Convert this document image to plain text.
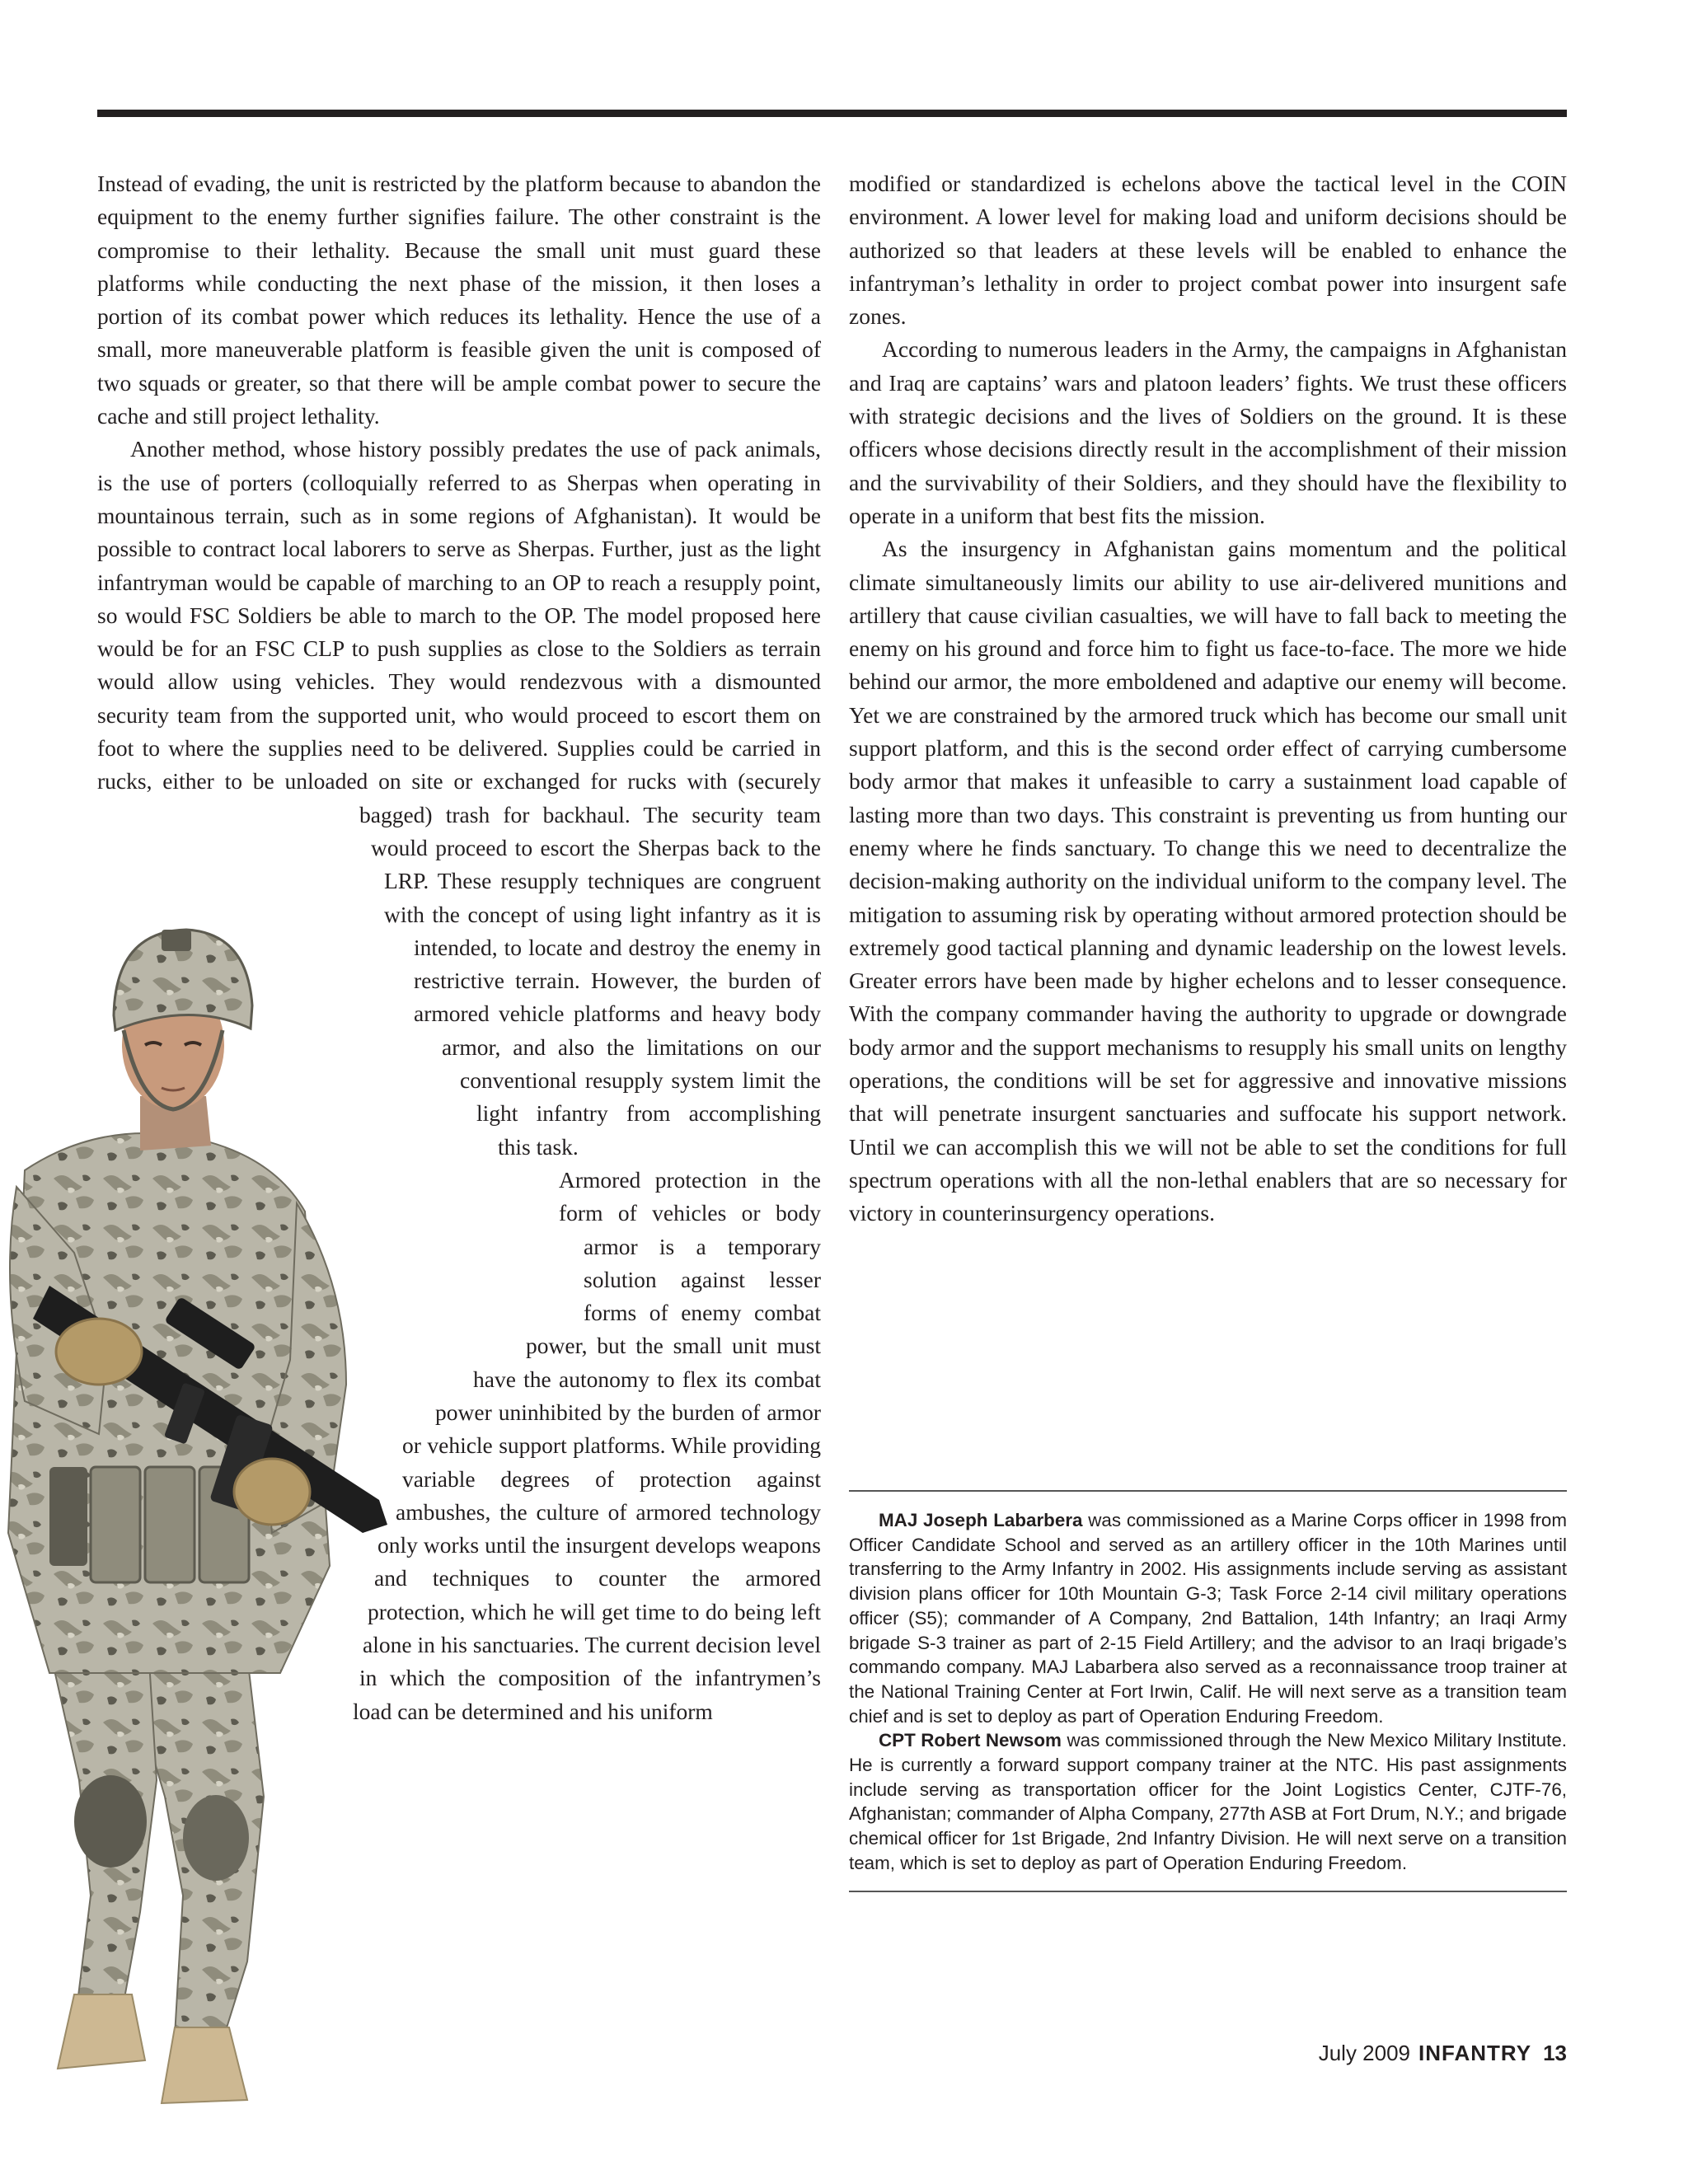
Instead of evading, the unit is restricted by the platform because to abandon the equipment to the enemy further signifies failure. The other constraint is the compromise to their lethality. Because the small unit must guard these platforms while conducting the next phase of the mission, it then loses a portion of its combat power which reduces its lethality. Hence the use of a small, more maneuverable platform is feasible given the unit is composed of two squads or greater, so that there will be ample combat power to secure the cache and still project lethality.

Another method, whose history possibly predates the use of pack animals, is the use of porters (colloquially referred to as Sherpas when operating in mountainous terrain, such as in some regions of Afghanistan). It would be possible to contract local laborers to serve as Sherpas. Further, just as the light infantryman would be capable of marching to an OP to reach a resupply point, so would FSC Soldiers be able to march to the OP. The model proposed here would be for an FSC CLP to push supplies as close to the Soldiers as terrain would allow using vehicles. They would rendezvous with a dismounted security team from the supported unit, who would proceed to escort them on foot to where the supplies need to be delivered. Supplies could be carried in rucks, either to be unloaded on site or exchanged for rucks with (securely bagged) trash for backhaul. The security team would proceed to escort the Sherpas back to the LRP. These resupply techniques are congruent with the concept of using light infantry as it is intended, to locate and destroy the enemy in restrictive terrain. However, the burden of armored vehicle platforms and heavy body armor, and also the limitations on our conventional resupply system limit the light infantry from accomplishing this task.

Armored protection in the form of vehicles or body armor is a temporary solution against lesser forms of enemy combat power, but the small unit must have the autonomy to flex its combat power uninhibited by the burden of armor or vehicle support platforms. While providing variable degrees of protection against ambushes, the culture of armored technology only works until the insurgent develops weapons and techniques to counter the armored protection, which he will get time to do being left alone in his sanctuaries. The current decision level in which the composition of the infantrymen’s load can be determined and his uniform

modified or standardized is echelons above the tactical level in the COIN environment. A lower level for making load and uniform decisions should be authorized so that leaders at these levels will be enabled to enhance the infantryman’s lethality in order to project combat power into insurgent safe zones.

According to numerous leaders in the Army, the campaigns in Afghanistan and Iraq are captains’ wars and platoon leaders’ fights. We trust these officers with strategic decisions and the lives of Soldiers on the ground. It is these officers whose decisions directly result in the accomplishment of their mission and the survivability of their Soldiers, and they should have the flexibility to operate in a uniform that best fits the mission.

As the insurgency in Afghanistan gains momentum and the political climate simultaneously limits our ability to use air-delivered munitions and artillery that cause civilian casualties, we will have to fall back to meeting the enemy on his ground and force him to fight us face-to-face. The more we hide behind our armor, the more emboldened and adaptive our enemy will become. Yet we are constrained by the armored truck which has become our small unit support platform, and this is the second order effect of carrying cumbersome body armor that makes it unfeasible to carry a sustainment load capable of lasting more than two days. This constraint is preventing us from hunting our enemy where he finds sanctuary. To change this we need to decentralize the decision-making authority on the individual uniform to the company level. The mitigation to assuming risk by operating without armored protection should be extremely good tactical planning and dynamic leadership on the lowest levels. Greater errors have been made by higher echelons and to lesser consequence. With the company commander having the authority to upgrade or downgrade body armor and the support mechanisms to resupply his small units on lengthy operations, the conditions will be set for aggressive and innovative missions that will penetrate insurgent sanctuaries and suffocate his support network. Until we can accomplish this we will not be able to set the conditions for full spectrum operations with all the non-lethal enablers that are so necessary for victory in counterinsurgency operations.

MAJ Joseph Labarbera was commissioned as a Marine Corps officer in 1998 from Officer Candidate School and served as an artillery officer in the 10th Marines until transferring to the Army Infantry in 2002. His assignments include serving as assistant division plans officer for 10th Mountain G-3; Task Force 2-14 civil military operations officer (S5); commander of A Company, 2nd Battalion, 14th Infantry; an Iraqi Army brigade S-3 trainer as part of 2-15 Field Artillery; and the advisor to an Iraqi brigade’s commando company. MAJ Labarbera also served as a reconnaissance troop trainer at the National Training Center at Fort Irwin, Calif. He will next serve as a transition team chief and is set to deploy as part of Operation Enduring Freedom.

CPT Robert Newsom was commissioned through the New Mexico Military Institute. He is currently a forward support company trainer at the NTC. His past assignments include serving as transportation officer for the Joint Logistics Center, CJTF-76, Afghanistan; commander of Alpha Company, 277th ASB at Fort Drum, N.Y.; and brigade chemical officer for 1st Brigade, 2nd Infantry Division. He will next serve on a transition team, which is set to deploy as part of Operation Enduring Freedom.

July 2009 INFANTRY 13
